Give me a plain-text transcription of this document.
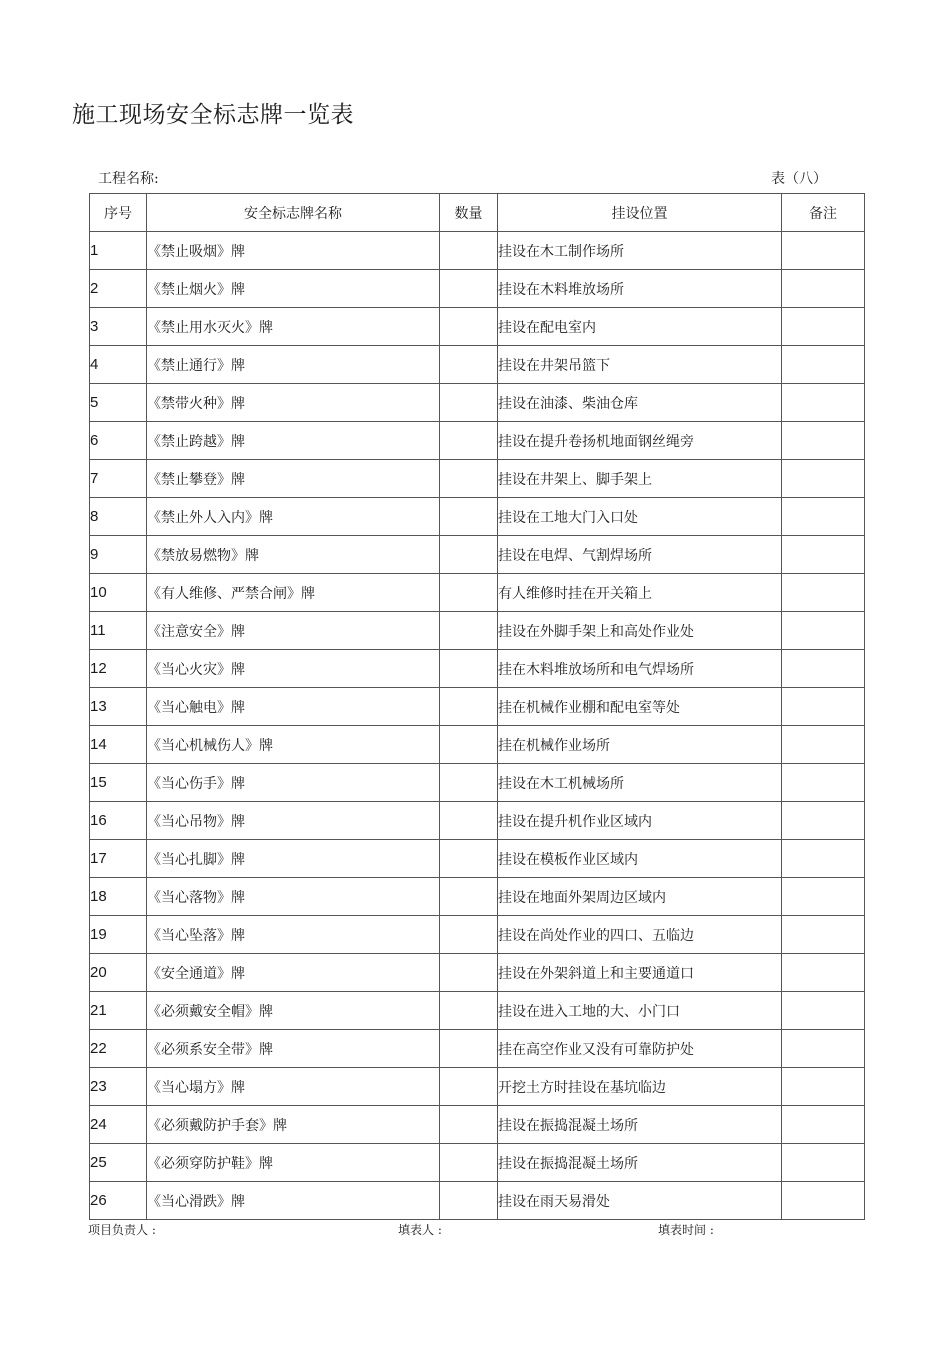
施工现场安全标志牌一览表
工程名称:	表（八）
序号	安全标志牌名称	数量	挂设位置	备注
1	《禁止吸烟》牌		挂设在木工制作场所	
2	《禁止烟火》牌		挂设在木料堆放场所	
3	《禁止用水灭火》牌		挂设在配电室内	
4	《禁止通行》牌		挂设在井架吊篮下	
5	《禁带火种》牌		挂设在油漆、柴油仓库	
6	《禁止跨越》牌		挂设在提升卷扬机地面钢丝绳旁	
7	《禁止攀登》牌		挂设在井架上、脚手架上	
8	《禁止外人入内》牌		挂设在工地大门入口处	
9	《禁放易燃物》牌		挂设在电焊、气割焊场所	
10	《有人维修、严禁合闸》牌		有人维修时挂在开关箱上	
11	《注意安全》牌		挂设在外脚手架上和高处作业处	
12	《当心火灾》牌		挂在木料堆放场所和电气焊场所	
13	《当心触电》牌		挂在机械作业棚和配电室等处	
14	《当心机械伤人》牌		挂在机械作业场所	
15	《当心伤手》牌		挂设在木工机械场所	
16	《当心吊物》牌		挂设在提升机作业区域内	
17	《当心扎脚》牌		挂设在模板作业区域内	
18	《当心落物》牌		挂设在地面外架周边区域内	
19	《当心坠落》牌		挂设在尚处作业的四口、五临边	
20	《安全通道》牌		挂设在外架斜道上和主要通道口	
21	《必须戴安全帽》牌		挂设在进入工地的大、小门口	
22	《必须系安全带》牌		挂在高空作业又没有可靠防护处	
23	《当心塌方》牌		开挖土方时挂设在基坑临边	
24	《必须戴防护手套》牌		挂设在振捣混凝土场所	
25	《必须穿防护鞋》牌		挂设在振捣混凝土场所	
26	《当心滑跌》牌		挂设在雨天易滑处	
项目负责人 :	填表人 :	填表时间 :
